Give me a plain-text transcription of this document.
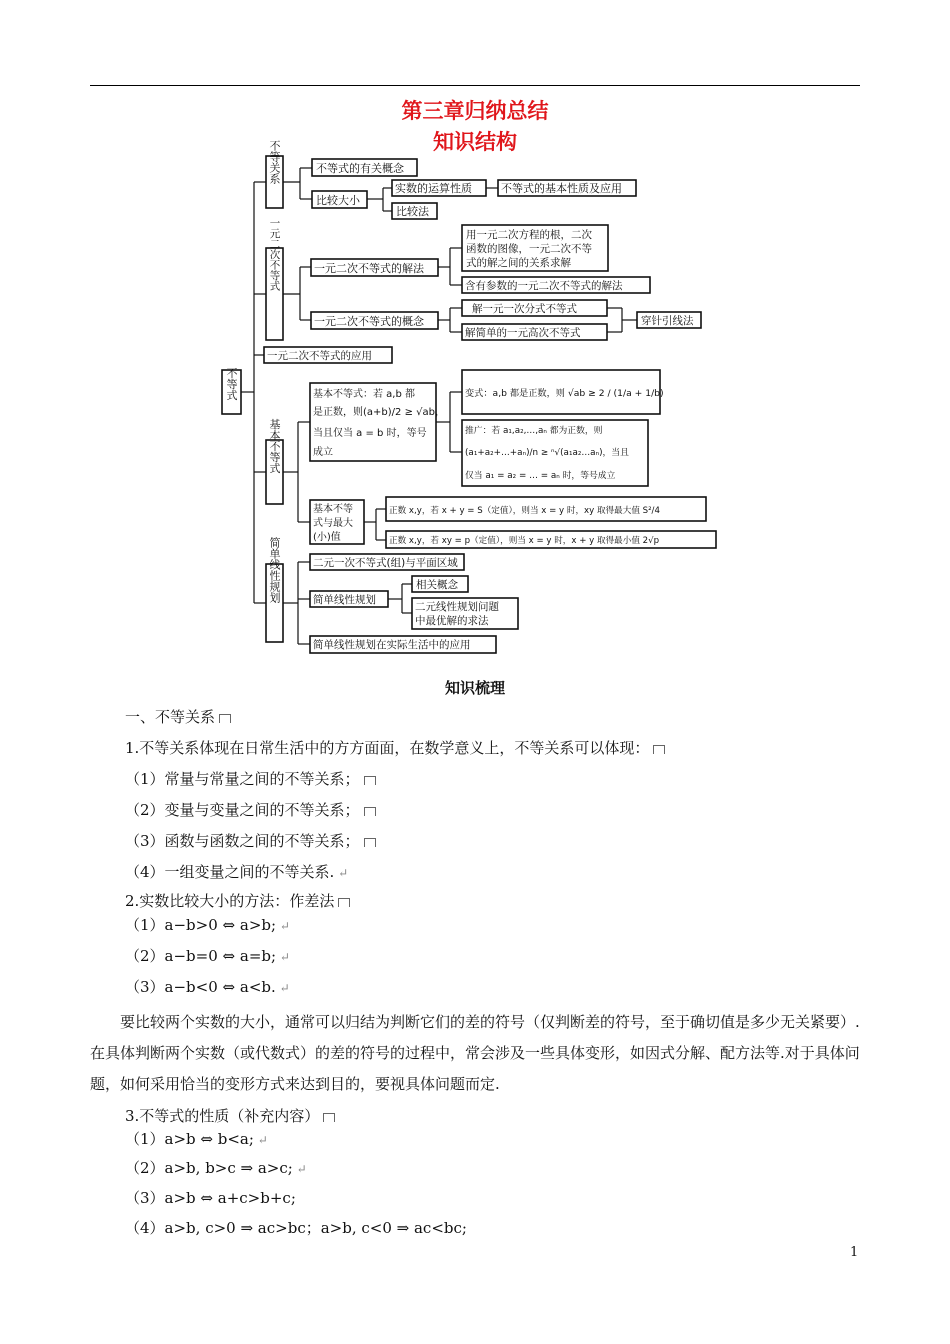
第三章归纳总结
知识结构
不等式
不等关系	不等式的有关概念
比较大小
实数的运算性质	不等式的基本性质及应用
比较法
一元二次不等式	一元二次不等式的解法
用一元二次方程的根，二次
函数的图像，一元二次不等
式的解之间的关系求解
含有参数的一元二次不等式的解法
一元二次不等式的概念
解一元一次分式不等式
解简单的一元高次不等式
穿针引线法
一元二次不等式的应用
基本不等式
基本不等式：若 a,b 都
是正数，则(a+b)/2 ≥ √ab，
当且仅当 a = b 时，等号
成立
变式：a,b 都是正数，则 √ab ≥ 2 / (1/a + 1/b)
推广：若 a₁,a₂,…,aₙ 都为正数，则
(a₁+a₂+…+aₙ)/n ≥ ⁿ√(a₁a₂…aₙ)，当且
仅当 a₁ = a₂ = … = aₙ 时，等号成立
基本不等
式与最大
(小)值
正数 x,y，若 x + y = S（定值），则当 x = y 时，xy 取得最大值 S²/4
正数 x,y，若 xy = p（定值），则当 x = y 时，x + y 取得最小值 2√p
简单线性规划	二元一次不等式(组)与平面区域
简单线性规划
相关概念
二元线性规划问题
中最优解的求法
简单线性规划在实际生活中的应用
知识梳理
一、不等关系
1.不等关系体现在日常生活中的方方面面，在数学意义上，不等关系可以体现：
（1）常量与常量之间的不等关系；
（2）变量与变量之间的不等关系；
（3）函数与函数之间的不等关系；
（4）一组变量之间的不等关系. ↵
2.实数比较大小的方法：作差法
（1）a−b>0 ⇔ a>b; ↵
（2）a−b=0 ⇔ a=b; ↵
（3）a−b<0 ⇔ a<b. ↵
要比较两个实数的大小，通常可以归结为判断它们的差的符号（仅判断差的符号，至于确切值是多少无关紧要）.在具体判断两个实数（或代数式）的差的符号的过程中，常会涉及一些具体变形，如因式分解、配方法等.对于具体问题，如何采用恰当的变形方式来达到目的，要视具体问题而定.
3.不等式的性质（补充内容）
（1）a>b ⇔ b<a; ↵
（2）a>b, b>c ⇒ a>c; ↵
（3）a>b ⇔ a+c>b+c;
（4）a>b, c>0 ⇒ ac>bc；a>b, c<0 ⇒ ac<bc;
1
